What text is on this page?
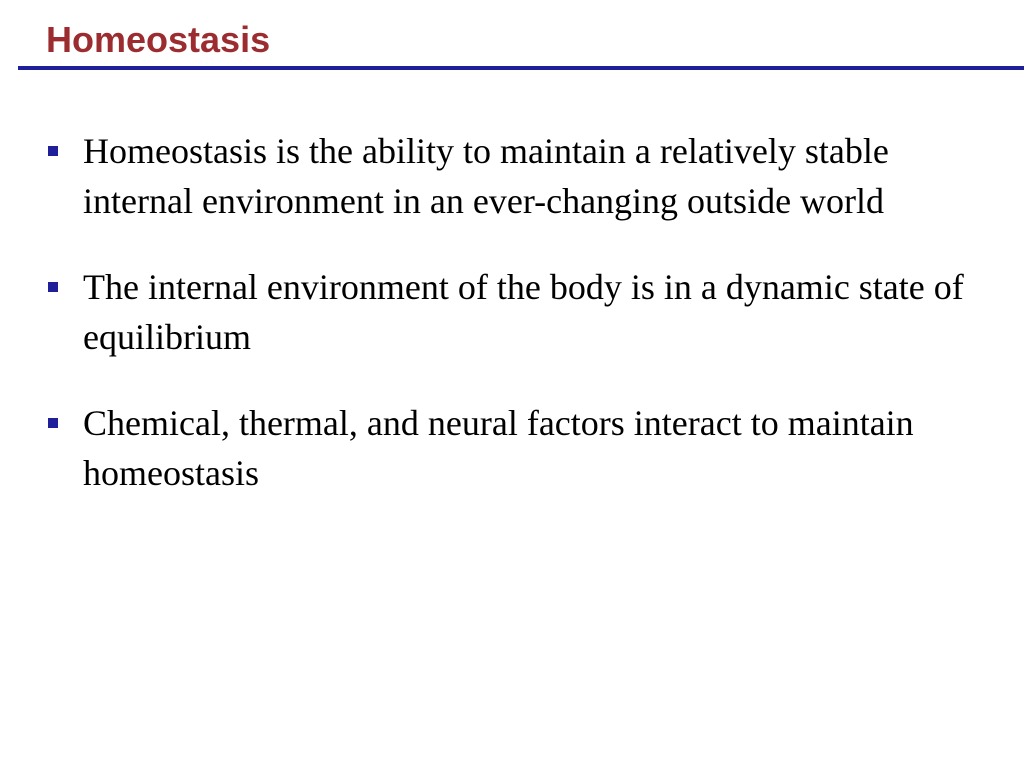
Homeostasis
Homeostasis is the ability to maintain a relatively stable internal environment in an ever-changing outside world
The internal environment of the body is in a dynamic state of equilibrium
Chemical, thermal, and neural factors interact to maintain homeostasis
